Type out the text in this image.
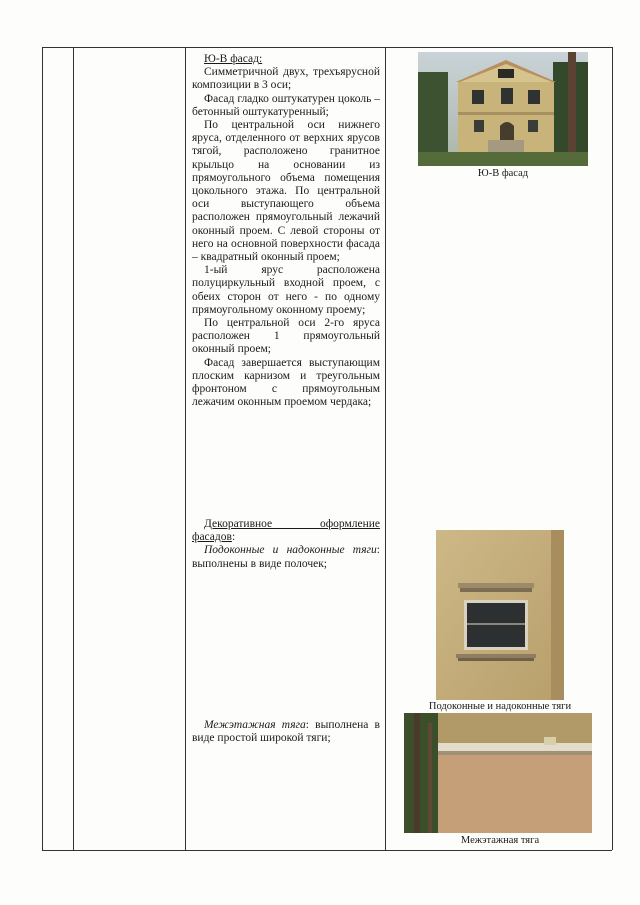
Ю-В фасад:

Симметричной двух, трехъярусной композиции в 3 оси;

Фасад гладко оштукатурен цоколь – бетонный оштукатуренный;

По центральной оси нижнего яруса, отделенного от верхних ярусов тягой, расположено гранитное крыльцо на основании из прямоугольного объема помещения цокольного этажа. По центральной оси выступающего объема расположен прямоугольный лежачий оконный проем. С левой стороны от него на основной поверхности фасада – квадратный оконный проем;

1-ый ярус расположена полуциркульный входной проем, с обеих сторон от него - по одному прямоугольному оконному проему;

По центральной оси 2-го яруса расположен 1 прямоугольный оконный проем;

Фасад завершается выступающим плоским карнизом и треугольным фронтоном с прямоугольным лежачим оконным проемом чердака;

Декоративное оформление фасадов:

Подоконные и надоконные тяги: выполнены в виде полочек;

Межэтажная тяга: выполнена в виде простой широкой тяги;

Ю-В фасад
Подоконные и надоконные тяги
Межэтажная тяга
